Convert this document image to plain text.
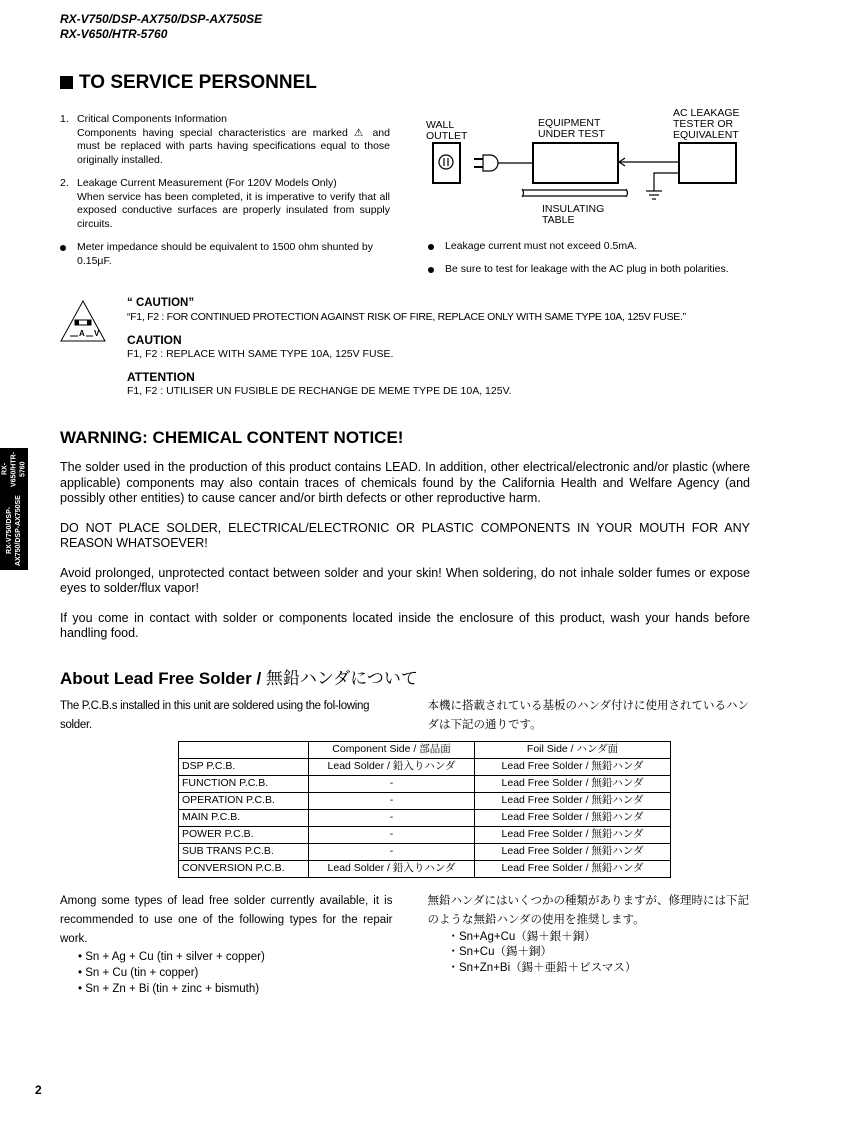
RX-V750/DSP-AX750/DSP-AX750SE
RX-V650/HTR-5760
RX-V750/DSP-AX750/DSP-AX750SE

RX-V650/HTR-5760
TO SERVICE PERSONNEL
1. Critical Components Information
Components having special characteristics are marked ⚠ and must be replaced with parts having specifications equal to those originally installed.
2. Leakage Current Measurement (For 120V Models Only)
When service has been completed, it is imperative to verify that all exposed conductive surfaces are properly insulated from supply circuits.
Meter impedance should be equivalent to 1500 ohm shunted by 0.15µF.
WALL
OUTLET
EQUIPMENT
UNDER TEST
AC LEAKAGE
TESTER OR
EQUIVALENT
INSULATING
TABLE
Leakage current must not exceed 0.5mA.
Be sure to test for leakage with the AC plug in both polarities.
A V
“ CAUTION”
“F1, F2 : FOR CONTINUED PROTECTION AGAINST RISK OF FIRE, REPLACE ONLY WITH SAME TYPE 10A, 125V FUSE.”
CAUTION
F1, F2 : REPLACE WITH SAME TYPE 10A, 125V FUSE.
ATTENTION
F1, F2 : UTILISER UN FUSIBLE DE RECHANGE DE MEME TYPE DE 10A, 125V.
WARNING: CHEMICAL CONTENT NOTICE!
The solder used in the production of this product contains LEAD. In addition, other electrical/electronic and/or plastic (where applicable) components may also contain traces of chemicals found by the California Health and Welfare Agency (and possibly other entities) to cause cancer and/or birth defects or other reproductive harm.
DO NOT PLACE SOLDER, ELECTRICAL/ELECTRONIC OR PLASTIC COMPONENTS IN YOUR MOUTH FOR ANY REASON WHATSOEVER!
Avoid prolonged, unprotected contact between solder and your skin! When soldering, do not inhale solder fumes or expose eyes to solder/flux vapor!
If you come in contact with solder or components located inside the enclosure of this product, wash your hands before handling food.
About Lead Free Solder / 無鉛ハンダについて
The P.C.B.s installed in this unit are soldered using the fol-lowing solder.
本機に搭載されている基板のハンダ付けに使用されているハンダは下記の通りです。
	Component Side / 部品面	Foil Side / ハンダ面
DSP P.C.B.	Lead Solder / 鉛入りハンダ	Lead Free Solder / 無鉛ハンダ
FUNCTION P.C.B.	-	Lead Free Solder / 無鉛ハンダ
OPERATION P.C.B.	-	Lead Free Solder / 無鉛ハンダ
MAIN P.C.B.	-	Lead Free Solder / 無鉛ハンダ
POWER P.C.B.	-	Lead Free Solder / 無鉛ハンダ
SUB TRANS P.C.B.	-	Lead Free Solder / 無鉛ハンダ
CONVERSION P.C.B.	Lead Solder / 鉛入りハンダ	Lead Free Solder / 無鉛ハンダ
Among some types of lead free solder currently available, it is recommended to use one of the following types for the repair work.
• Sn + Ag + Cu (tin + silver + copper)
• Sn + Cu (tin + copper)
• Sn + Zn + Bi (tin + zinc + bismuth)
無鉛ハンダにはいくつかの種類がありますが、修理時には下記のような無鉛ハンダの使用を推奨します。
・Sn+Ag+Cu（錫＋銀＋銅）
・Sn+Cu（錫＋銅）
・Sn+Zn+Bi（錫＋亜鉛＋ビスマス）
2
